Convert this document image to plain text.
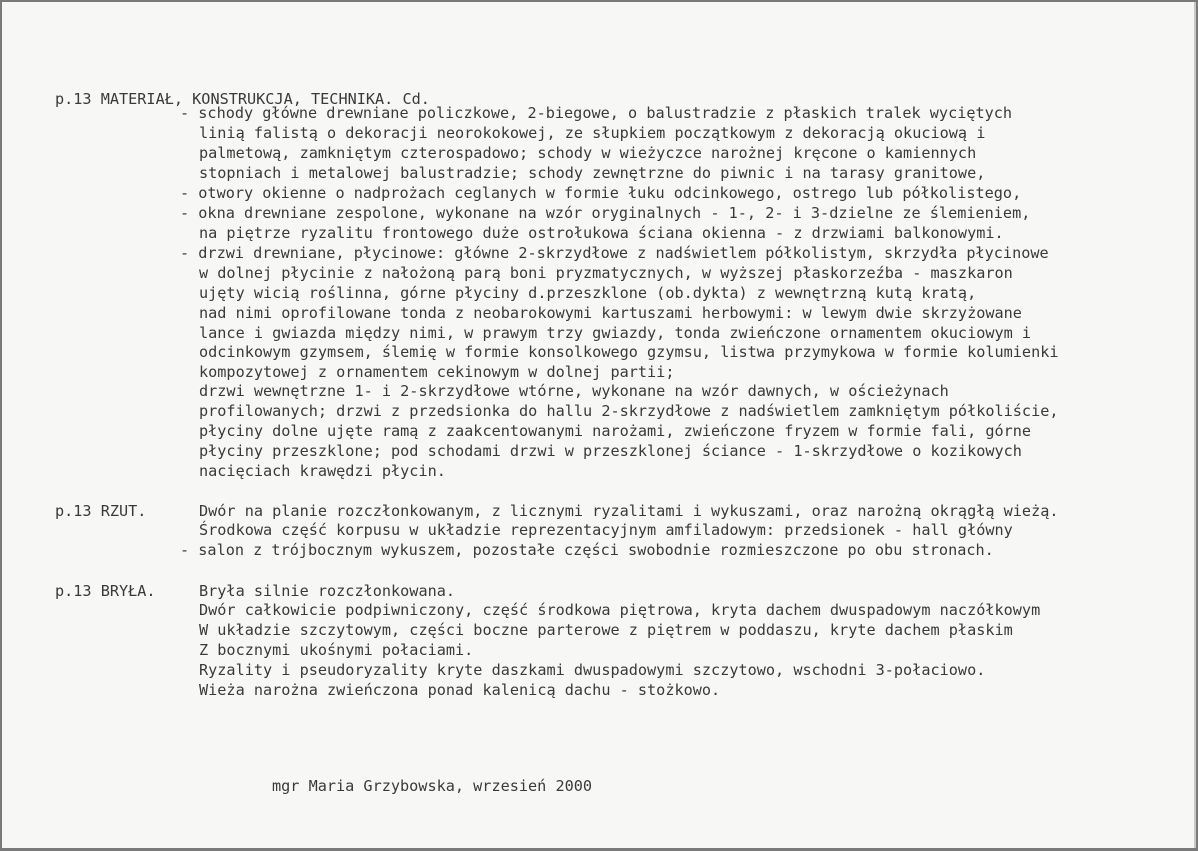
p.13 MATERIAŁ, KONSTRUKCJA, TECHNIKA. Cd.
- schody główne drewniane policzkowe, 2-biegowe, o balustradzie z płaskich tralek wyciętych
linią falistą o dekoracji neorokokowej, ze słupkiem początkowym z dekoracją okuciową i
palmetową, zamkniętym czterospadowo; schody w wieżyczce narożnej kręcone o kamiennych
stopniach i metalowej balustradzie; schody zewnętrzne do piwnic i na tarasy granitowe,
- otwory okienne o nadprożach ceglanych w formie łuku odcinkowego, ostrego lub półkolistego,
- okna drewniane zespolone, wykonane na wzór oryginalnych - 1-, 2- i 3-dzielne ze ślemieniem,
na piętrze ryzalitu frontowego duże ostrołukowa ściana okienna - z drzwiami balkonowymi.
- drzwi drewniane, płycinowe: główne 2-skrzydłowe z nadświetlem półkolistym, skrzydła płycinowe
w dolnej płycinie z nałożoną parą boni pryzmatycznych, w wyższej płaskorzeźba - maszkaron
ujęty wicią roślinna, górne płyciny d.przeszklone (ob.dykta) z wewnętrzną kutą kratą,
nad nimi oprofilowane tonda z neobarokowymi kartuszami herbowymi: w lewym dwie skrzyżowane
lance i gwiazda między nimi, w prawym trzy gwiazdy, tonda zwieńczone ornamentem okuciowym i
odcinkowym gzymsem, ślemię w formie konsolkowego gzymsu, listwa przymykowa w formie kolumienki
kompozytowej z ornamentem cekinowym w dolnej partii;
drzwi wewnętrzne 1- i 2-skrzydłowe wtórne, wykonane na wzór dawnych, w ościeżynach
profilowanych; drzwi z przedsionka do hallu 2-skrzydłowe z nadświetlem zamkniętym półkoliście,
płyciny dolne ujęte ramą z zaakcentowanymi narożami, zwieńczone fryzem w formie fali, górne
płyciny przeszklone; pod schodami drzwi w przeszklonej ściance - 1-skrzydłowe o kozikowych
nacięciach krawędzi płycin.
p.13 RZUT.	Dwór na planie rozczłonkowanym, z licznymi ryzalitami i wykuszami, oraz narożną okrągłą wieżą.
Środkowa część korpusu w układzie reprezentacyjnym amfiladowym: przedsionek - hall główny
- salon z trójbocznym wykuszem, pozostałe części swobodnie rozmieszczone po obu stronach.
p.13 BRYŁA.	Bryła silnie rozczłonkowana.
Dwór całkowicie podpiwniczony, część środkowa piętrowa, kryta dachem dwuspadowym naczółkowym
W układzie szczytowym, części boczne parterowe z piętrem w poddaszu, kryte dachem płaskim
Z bocznymi ukośnymi połaciami.
Ryzality i pseudoryzality kryte daszkami dwuspadowymi szczytowo, wschodni 3-połaciowo.
Wieża narożna zwieńczona ponad kalenicą dachu - stożkowo.
mgr Maria Grzybowska, wrzesień 2000
